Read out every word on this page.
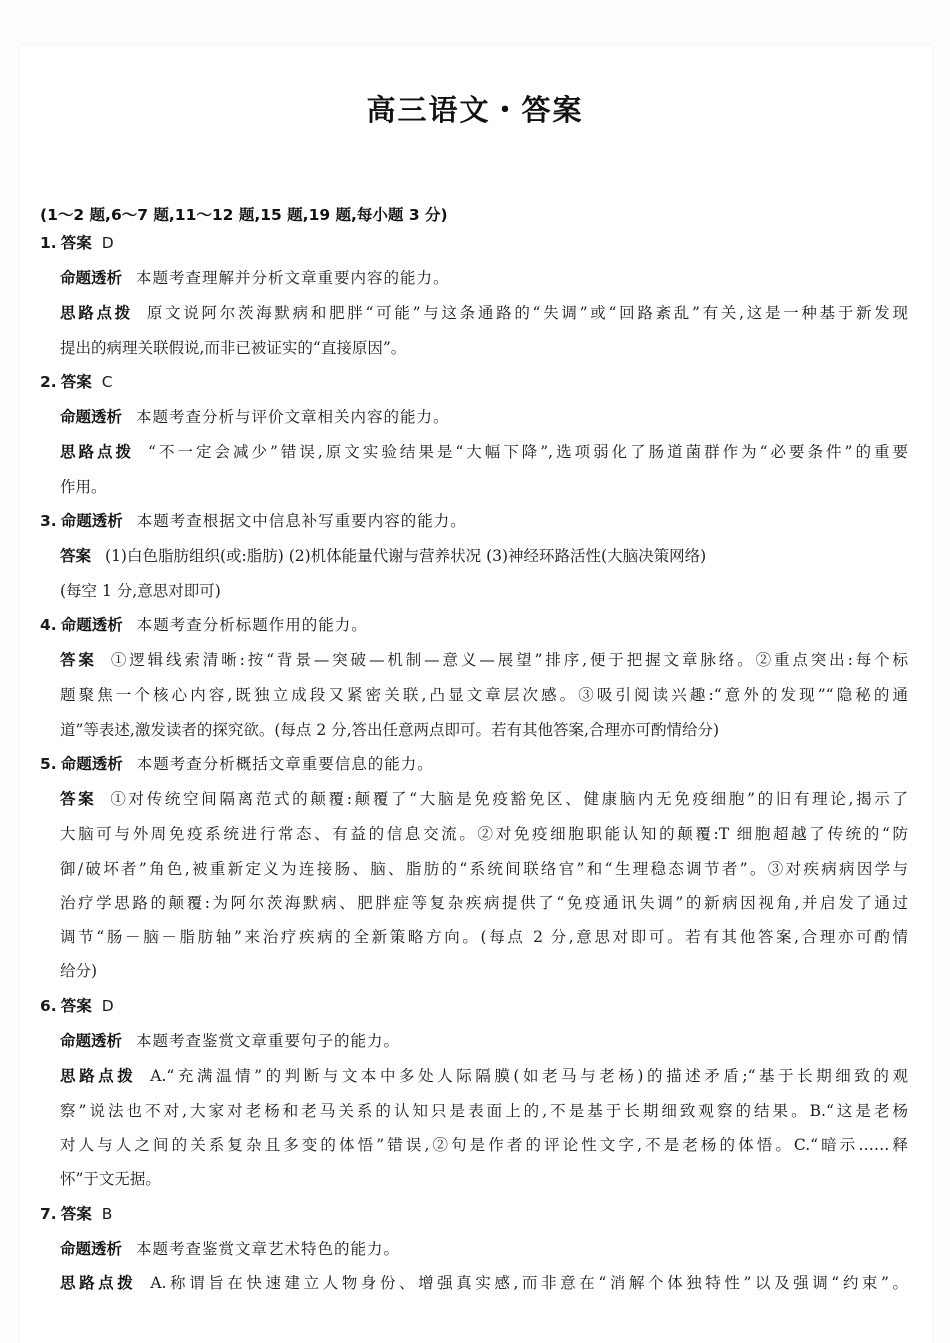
高三语文・答案
(1～2 题,6～7 题,11～12 题,15 题,19 题,每小题 3 分)
1. 答案 D
命题透析 本题考查理解并分析文章重要内容的能力。
思路点拨 原文说阿尔茨海默病和肥胖“可能”与这条通路的“失调”或“回路紊乱”有关,这是一种基于新发现
提出的病理关联假说,而非已被证实的“直接原因”。
2. 答案 C
命题透析 本题考查分析与评价文章相关内容的能力。
思路点拨 “不一定会减少”错误,原文实验结果是“大幅下降”,选项弱化了肠道菌群作为“必要条件”的重要
作用。
3. 命题透析 本题考查根据文中信息补写重要内容的能力。
答案 (1)白色脂肪组织(或:脂肪) (2)机体能量代谢与营养状况 (3)神经环路活性(大脑决策网络)
(每空 1 分,意思对即可)
4. 命题透析 本题考查分析标题作用的能力。
答案 ①逻辑线索清晰:按“背景—突破—机制—意义—展望”排序,便于把握文章脉络。②重点突出:每个标
题聚焦一个核心内容,既独立成段又紧密关联,凸显文章层次感。③吸引阅读兴趣:“意外的发现”“隐秘的通
道”等表述,激发读者的探究欲。(每点 2 分,答出任意两点即可。若有其他答案,合理亦可酌情给分)
5. 命题透析 本题考查分析概括文章重要信息的能力。
答案 ①对传统空间隔离范式的颠覆:颠覆了“大脑是免疫豁免区、健康脑内无免疫细胞”的旧有理论,揭示了
大脑可与外周免疫系统进行常态、有益的信息交流。②对免疫细胞职能认知的颠覆:T 细胞超越了传统的“防
御/破坏者”角色,被重新定义为连接肠、脑、脂肪的“系统间联络官”和“生理稳态调节者”。③对疾病病因学与
治疗学思路的颠覆:为阿尔茨海默病、肥胖症等复杂疾病提供了“免疫通讯失调”的新病因视角,并启发了通过
调节“肠－脑－脂肪轴”来治疗疾病的全新策略方向。(每点 2 分,意思对即可。若有其他答案,合理亦可酌情
给分)
6. 答案 D
命题透析 本题考查鉴赏文章重要句子的能力。
思路点拨 A.“充满温情”的判断与文本中多处人际隔膜(如老马与老杨)的描述矛盾;“基于长期细致的观
察”说法也不对,大家对老杨和老马关系的认知只是表面上的,不是基于长期细致观察的结果。B.“这是老杨
对人与人之间的关系复杂且多变的体悟”错误,②句是作者的评论性文字,不是老杨的体悟。C.“暗示……释
怀”于文无据。
7. 答案 B
命题透析 本题考查鉴赏文章艺术特色的能力。
思路点拨 A.称谓旨在快速建立人物身份、增强真实感,而非意在“消解个体独特性”以及强调“约束”。
